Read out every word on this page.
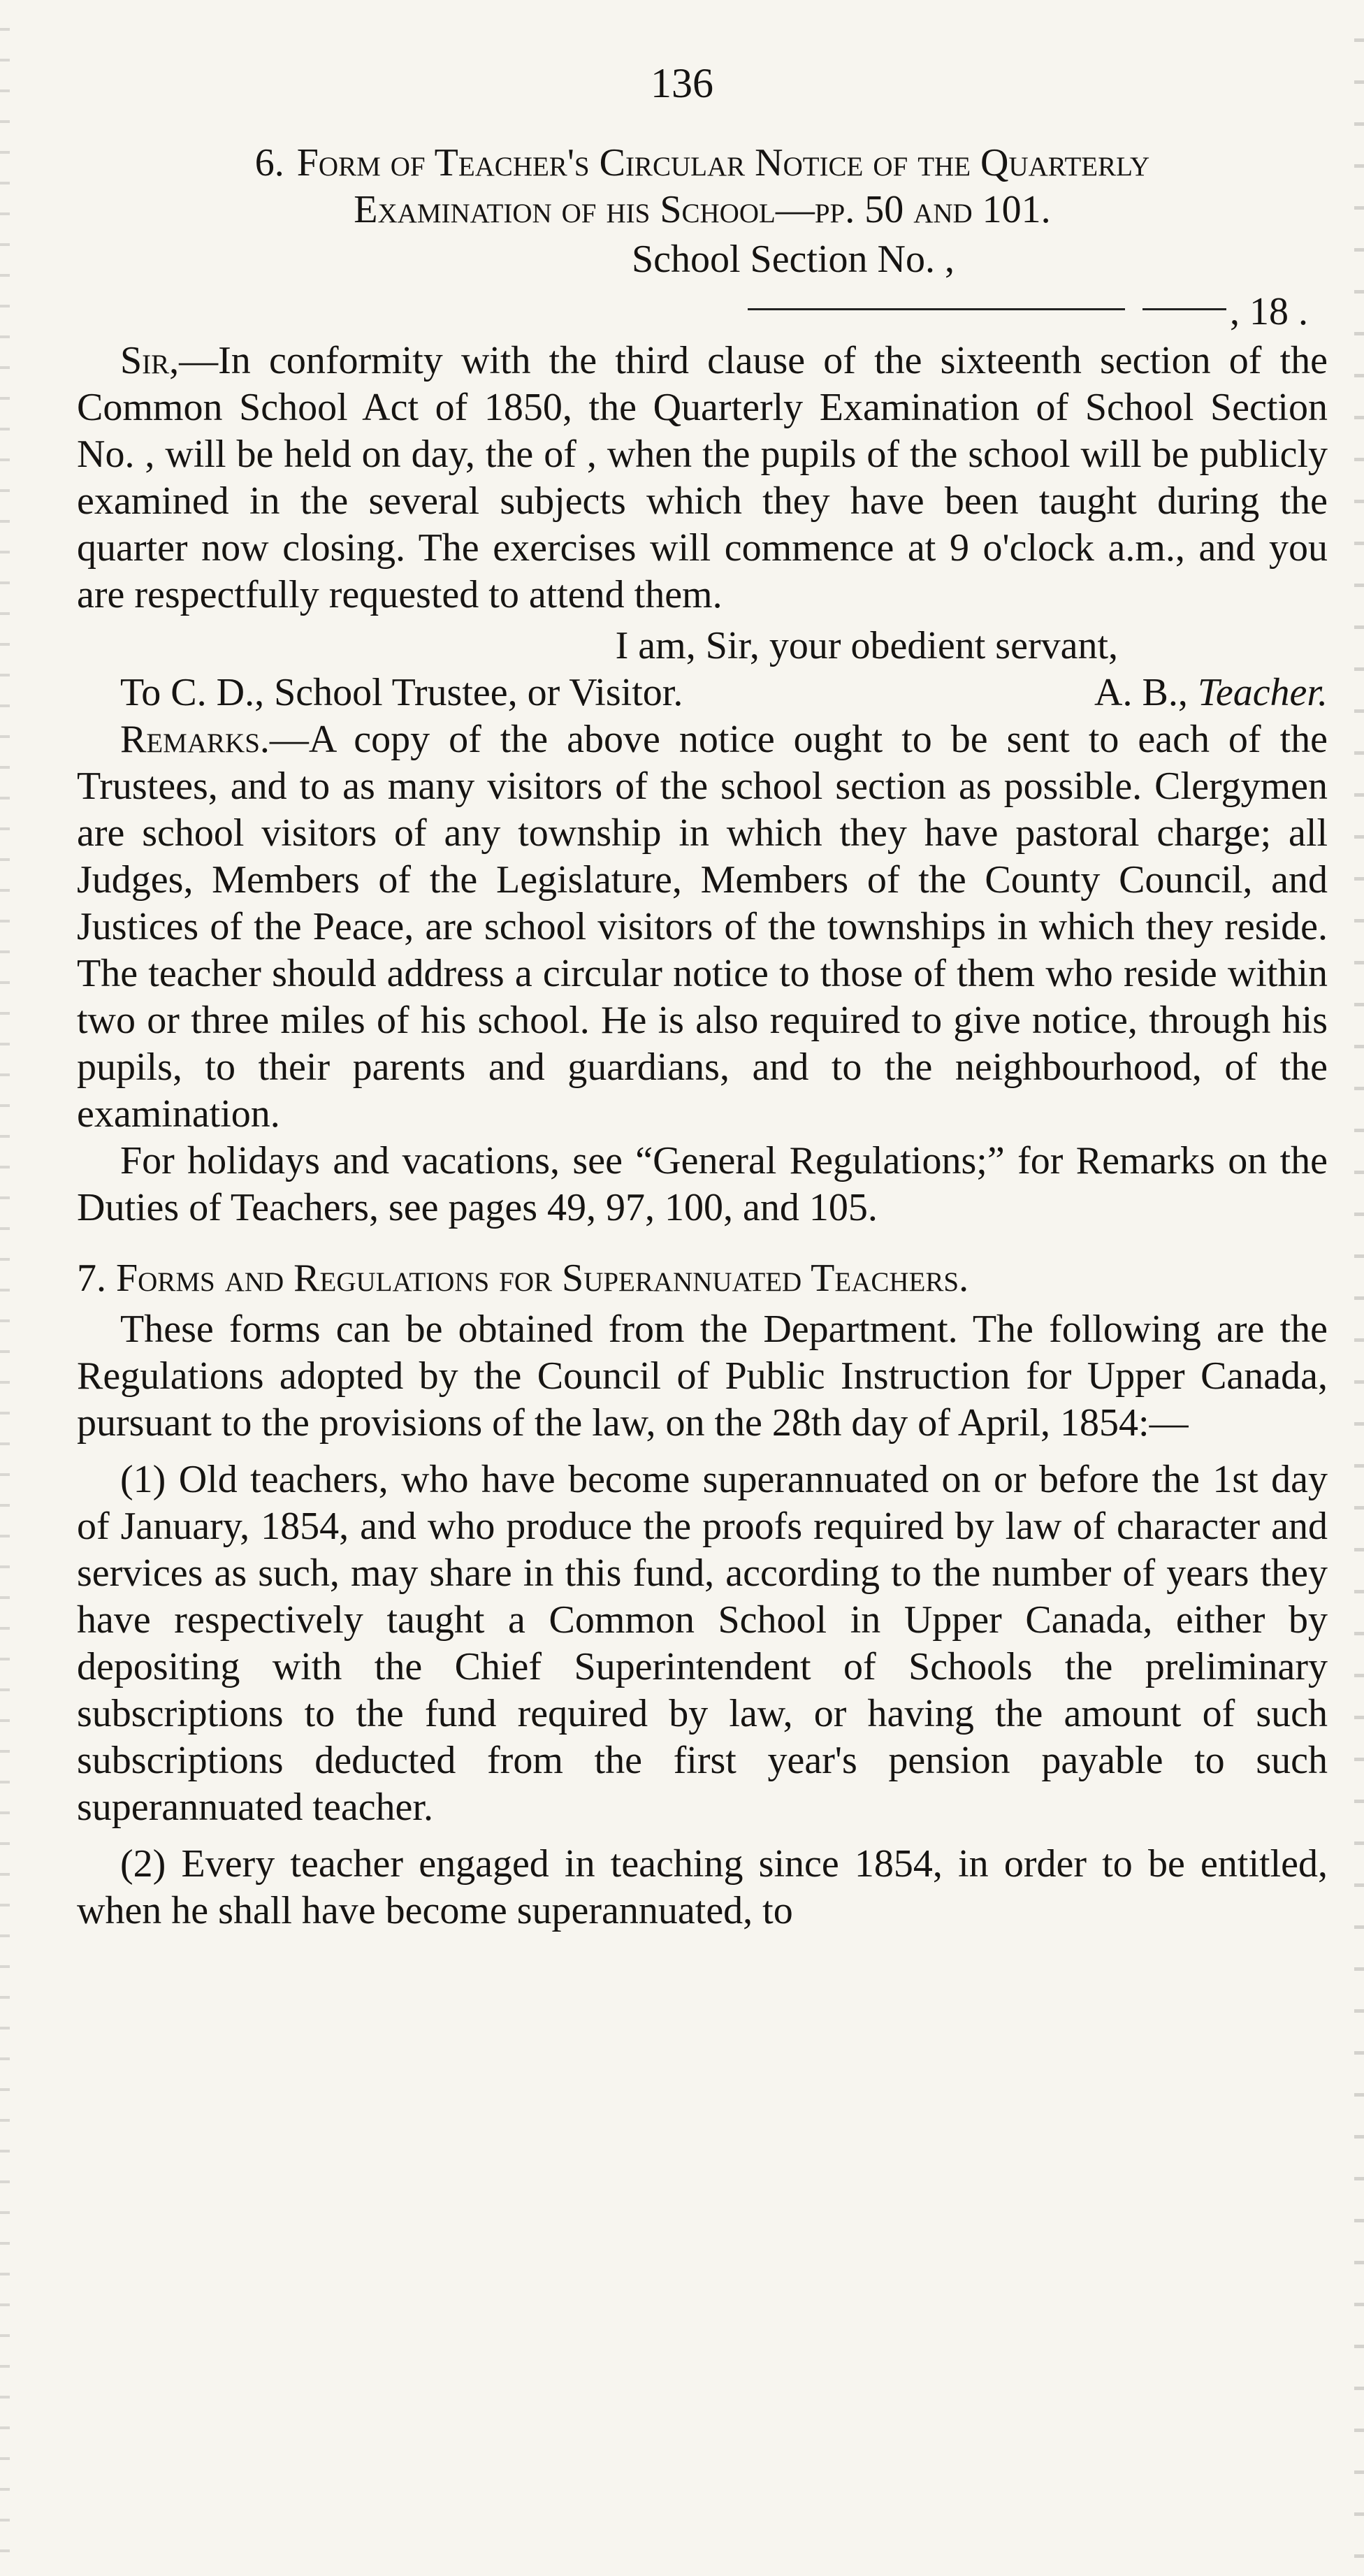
136

6. Form of Teacher's Circular Notice of the Quarterly
Examination of his School—pp. 50 and 101.

School Section No. ,

, 18 .

Sir,—In conformity with the third clause of the sixteenth section of the Common School Act of 1850, the Quarterly Examination of School Section No. , will be held on day, the of , when the pupils of the school will be publicly examined in the several subjects which they have been taught during the quarter now closing. The exercises will commence at 9 o'clock a.m., and you are respectfully requested to attend them.

I am, Sir, your obedient servant,

To C. D., School Trustee, or Visitor.	A. B., Teacher.

Remarks.—A copy of the above notice ought to be sent to each of the Trustees, and to as many visitors of the school section as possible. Clergymen are school visitors of any township in which they have pastoral charge; all Judges, Members of the Legislature, Members of the County Council, and Justices of the Peace, are school visitors of the townships in which they reside. The teacher should address a circular notice to those of them who reside within two or three miles of his school. He is also required to give notice, through his pupils, to their parents and guardians, and to the neighbourhood, of the examination.

For holidays and vacations, see “General Regulations;” for Remarks on the Duties of Teachers, see pages 49, 97, 100, and 105.

7. Forms and Regulations for Superannuated Teachers.

These forms can be obtained from the Department. The following are the Regulations adopted by the Council of Public Instruction for Upper Canada, pursuant to the provisions of the law, on the 28th day of April, 1854:—

(1) Old teachers, who have become superannuated on or before the 1st day of January, 1854, and who produce the proofs required by law of character and services as such, may share in this fund, according to the number of years they have respectively taught a Common School in Upper Canada, either by depositing with the Chief Superintendent of Schools the preliminary subscriptions to the fund required by law, or having the amount of such subscriptions deducted from the first year's pension payable to such superannuated teacher.

(2) Every teacher engaged in teaching since 1854, in order to be entitled, when he shall have become superannuated, to
